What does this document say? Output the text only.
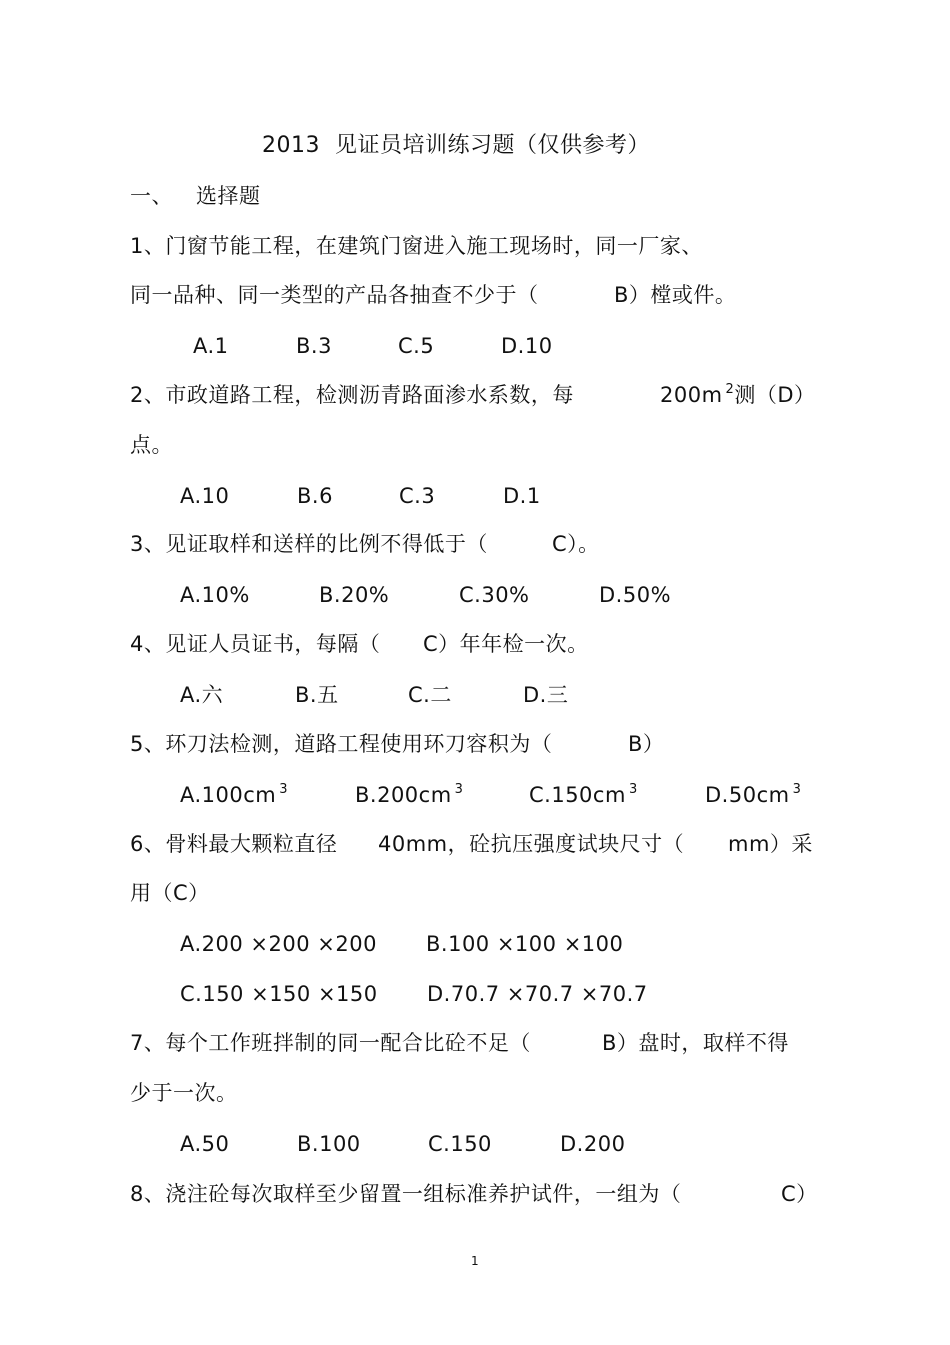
2013  见证员培训练习题（仅供参考）
一、 选择题
1、门窗节能工程，在建筑门窗进入施工现场时，同一厂家、
同一品种、同一类型的产品各抽查不少于（	B）樘或件。
A.1	B.3	C.5	D.10
2、市政道路工程，检测沥青路面渗水系数，每	200m $^2$测（D）
点。
A.10	B.6	C.3	D.1
3、见证取样和送样的比例不得低于（	C）。
A.10%	B.20%	C.30%	D.50%
4、见证人员证书，每隔（ C）年年检一次。
A.六	B.五	C.二	D.三
5、环刀法检测，道路工程使用环刀容积为（	B）
A.100cm $^3$	B.200cm $^3$	C.150cm $^3$	D.50cm $^3$
6、骨料最大颗粒直径 40mm，砼抗压强度试块尺寸（ mm）采
用（C）
A.200 ×200 ×200 B.100 ×100 ×100
C.150 ×150 ×150 D.70.7 ×70.7 ×70.7
7、每个工作班拌制的同一配合比砼不足（	B）盘时，取样不得
少于一次。
A.50	B.100	C.150	D.200
8、浇注砼每次取样至少留置一组标准养护试件，一组为（	C）
1
